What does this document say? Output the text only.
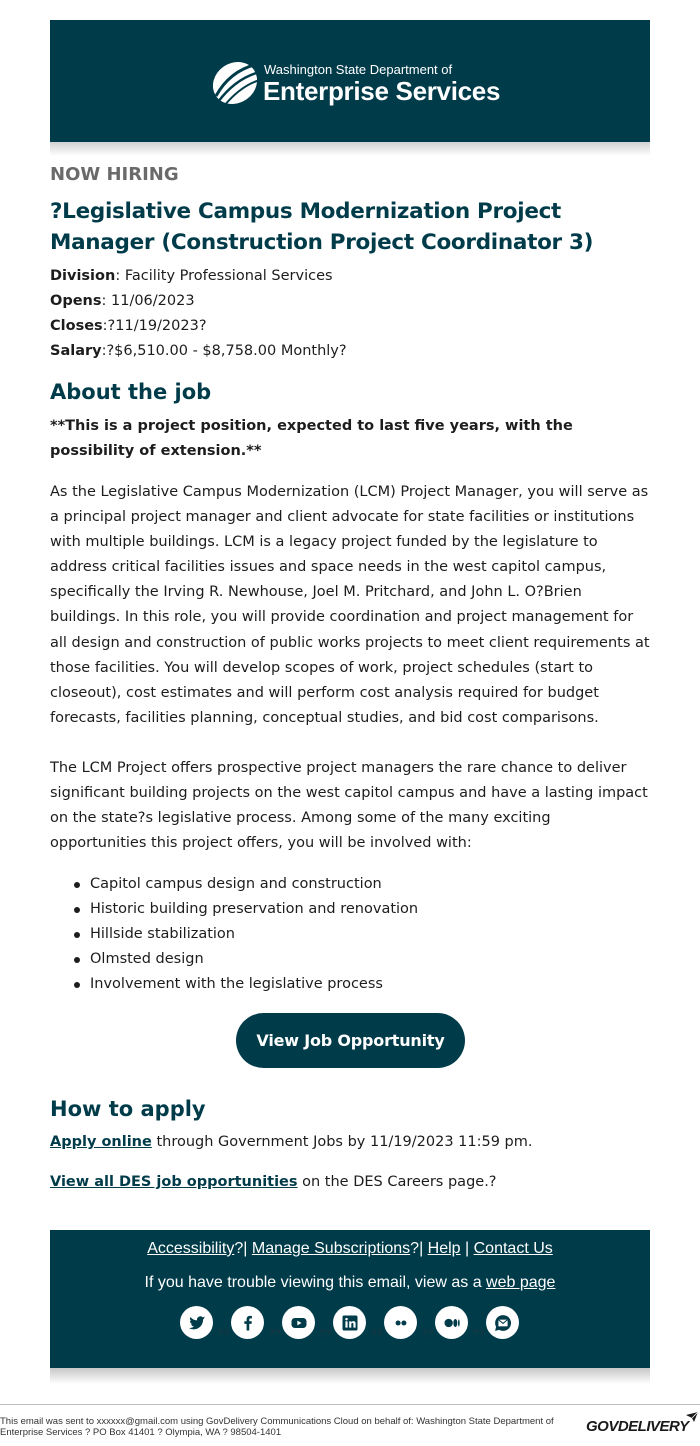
Washington State Department of
Enterprise Services
NOW HIRING
?Legislative Campus Modernization Project Manager (Construction Project Coordinator 3)
Division: Facility Professional Services
Opens: 11/06/2023
Closes:?11/19/2023?
Salary:?$6,510.00 - $8,758.00 Monthly?
About the job
**This is a project position, expected to last five years, with the possibility of extension.**
As the Legislative Campus Modernization (LCM) Project Manager, you will serve as a principal project manager and client advocate for state facilities or institutions with multiple buildings. LCM is a legacy project funded by the legislature to address critical facilities issues and space needs in the west capitol campus, specifically the Irving R. Newhouse, Joel M. Pritchard, and John L. O?Brien buildings. In this role, you will provide coordination and project management for all design and construction of public works projects to meet client requirements at those facilities. You will develop scopes of work, project schedules (start to closeout), cost estimates and will perform cost analysis required for budget forecasts, facilities planning, conceptual studies, and bid cost comparisons.
The LCM Project offers prospective project managers the rare chance to deliver significant building projects on the west capitol campus and have a lasting impact on the state?s legislative process. Among some of the many exciting opportunities this project offers, you will be involved with:
Capitol campus design and construction
Historic building preservation and renovation
Hillside stabilization
Olmsted design
Involvement with the legislative process
View Job Opportunity
How to apply
Apply online through Government Jobs by 11/19/2023 11:59 pm.
View all DES job opportunities on the DES Careers page.?
Accessibility?| Manage Subscriptions?| Help | Contact Us
If you have trouble viewing this email, view as a web page
??	??	??	??	??	??
This email was sent to xxxxxx@gmail.com using GovDelivery Communications Cloud on behalf of: Washington State Department of Enterprise Services ? PO Box 41401 ? Olympia, WA ? 98504-1401	GOVDELIVERY
